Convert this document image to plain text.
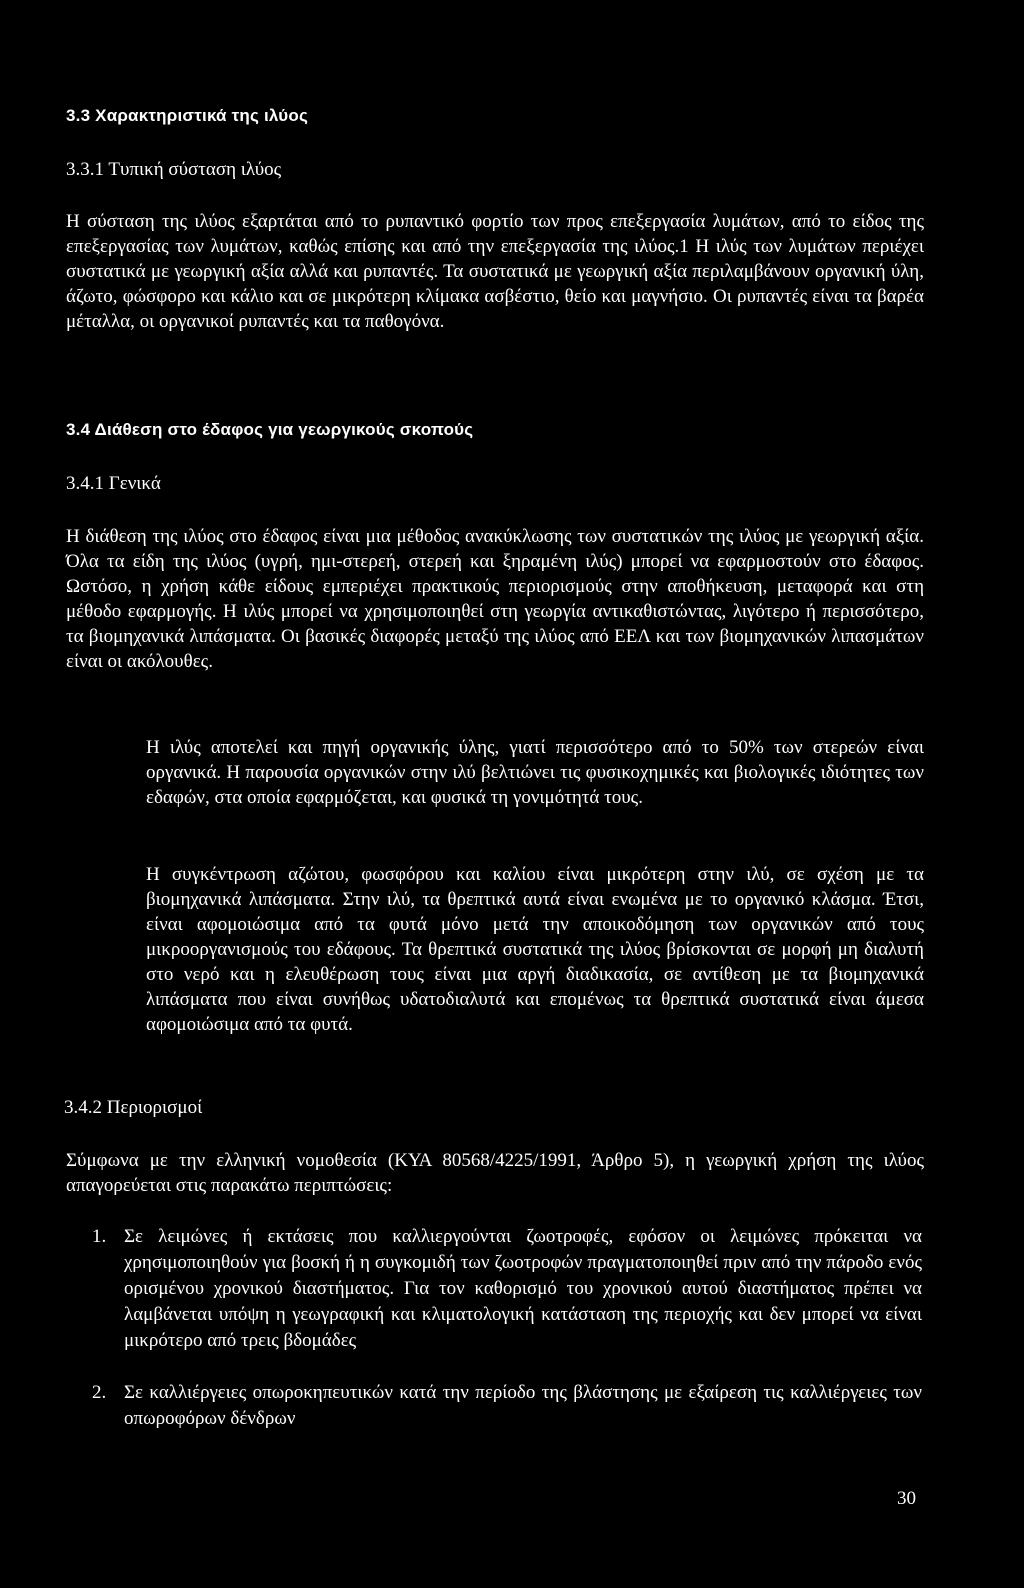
3.3 Χαρακτηριστικά της ιλύος
3.3.1 Τυπική σύσταση ιλύος
Η σύσταση της ιλύος εξαρτάται από το ρυπαντικό φορτίο των προς επεξεργασία λυμάτων, από το είδος της επεξεργασίας των λυμάτων, καθώς επίσης και από την επεξεργασία της ιλύος.1 Η ιλύς των λυμάτων περιέχει συστατικά με γεωργική αξία αλλά και ρυπαντές. Τα συστατικά με γεωργική αξία περιλαμβάνουν οργανική ύλη, άζωτο, φώσφορο και κάλιο και σε μικρότερη κλίμακα ασβέστιο, θείο και μαγνήσιο. Οι ρυπαντές είναι τα βαρέα μέταλλα, οι οργανικοί ρυπαντές και τα παθογόνα.
3.4 Διάθεση στο έδαφος για γεωργικούς σκοπούς
3.4.1 Γενικά
Η διάθεση της ιλύος στο έδαφος είναι μια μέθοδος ανακύκλωσης των συστατικών της ιλύος με γεωργική αξία. Όλα τα είδη της ιλύος (υγρή, ημι-στερεή, στερεή και ξηραμένη ιλύς) μπορεί να εφαρμοστούν στο έδαφος. Ωστόσο, η χρήση κάθε είδους εμπεριέχει πρακτικούς περιορισμούς στην αποθήκευση, μεταφορά και στη μέθοδο εφαρμογής. Η ιλύς μπορεί να χρησιμοποιηθεί στη γεωργία αντικαθιστώντας, λιγότερο ή περισσότερο, τα βιομηχανικά λιπάσματα. Οι βασικές διαφορές μεταξύ της ιλύος από ΕΕΛ και των βιομηχανικών λιπασμάτων είναι οι ακόλουθες.
Η ιλύς αποτελεί και πηγή οργανικής ύλης, γιατί περισσότερο από το 50% των στερεών είναι οργανικά. Η παρουσία οργανικών στην ιλύ βελτιώνει τις φυσικοχημικές και βιολογικές ιδιότητες των εδαφών, στα οποία εφαρμόζεται, και φυσικά τη γονιμότητά τους.
Η συγκέντρωση αζώτου, φωσφόρου και καλίου είναι μικρότερη στην ιλύ, σε σχέση με τα βιομηχανικά λιπάσματα. Στην ιλύ, τα θρεπτικά αυτά είναι ενωμένα με το οργανικό κλάσμα. Έτσι, είναι αφομοιώσιμα από τα φυτά μόνο μετά την αποικοδόμηση των οργανικών από τους μικροοργανισμούς του εδάφους. Τα θρεπτικά συστατικά της ιλύος βρίσκονται σε μορφή μη διαλυτή στο νερό και η ελευθέρωση τους είναι μια αργή διαδικασία, σε αντίθεση με τα βιομηχανικά λιπάσματα που είναι συνήθως υδατοδιαλυτά και επομένως τα θρεπτικά συστατικά είναι άμεσα αφομοιώσιμα από τα φυτά.
3.4.2 Περιορισμοί
Σύμφωνα με την ελληνική νομοθεσία (ΚΥΑ 80568/4225/1991, Άρθρο 5), η γεωργική χρήση της ιλύος απαγορεύεται στις παρακάτω περιπτώσεις:
1. Σε λειμώνες ή εκτάσεις που καλλιεργούνται ζωοτροφές, εφόσον οι λειμώνες πρόκειται να χρησιμοποιηθούν για βοσκή ή η συγκομιδή των ζωοτροφών πραγματοποιηθεί πριν από την πάροδο ενός ορισμένου χρονικού διαστήματος. Για τον καθορισμό του χρονικού αυτού διαστήματος πρέπει να λαμβάνεται υπόψη η γεωγραφική και κλιματολογική κατάσταση της περιοχής και δεν μπορεί να είναι μικρότερο από τρεις βδομάδες
2. Σε καλλιέργειες οπωροκηπευτικών κατά την περίοδο της βλάστησης με εξαίρεση τις καλλιέργειες των οπωροφόρων δένδρων
30
